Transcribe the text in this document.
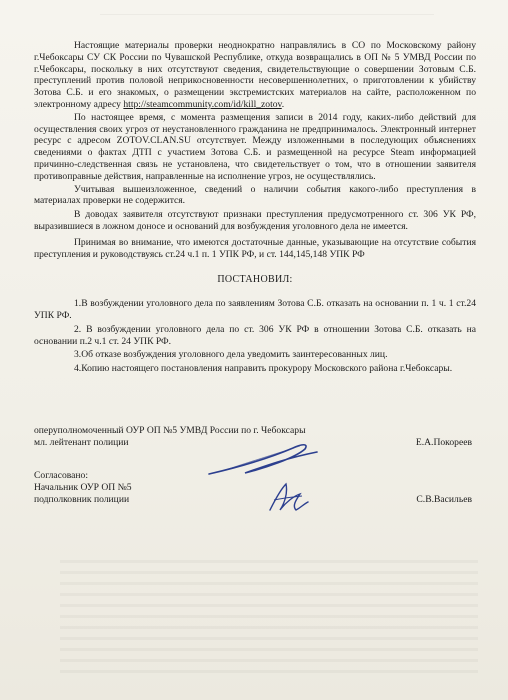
Настоящие материалы проверки неоднократно направлялись в СО по Московскому району г.Чебоксары СУ СК России по Чувашской Республике, откуда возвращались в ОП № 5 УМВД России по г.Чебоксары, поскольку в них отсутствуют сведения, свидетельствующие о совершении Зотовым С.Б. преступлений против половой неприкосновенности несовершеннолетних, о приготовлении к убийству Зотова С.Б. и его знакомых, о размещении экстремистских материалов на сайте, расположенном по электронному адресу http://steamcommunity.com/id/kill_zotov.

По настоящее время, с момента размещения записи в 2014 году, каких-либо действий для осуществления своих угроз от неустановленного гражданина не предпринималось. Электронный интернет ресурс с адресом ZOTOV.CLAN.SU отсутствует. Между изложенными в последующих объяснениях сведениями о фактах ДТП с участием Зотова С.Б. и размещенной на ресурсе Steam информацией причинно-следственная связь не установлена, что свидетельствует о том, что в отношении заявителя противоправные действия, направленные на исполнение угроз, не осуществлялись.

Учитывая вышеизложенное, сведений о наличии события какого-либо преступления в материалах проверки не содержится.

В доводах заявителя отсутствуют признаки преступления предусмотренного ст. 306 УК РФ, выразившиеся в ложном доносе и оснований для возбуждения уголовного дела не имеется.

Принимая во внимание, что имеются достаточные данные, указывающие на отсутствие события преступления и руководствуясь ст.24 ч.1 п. 1 УПК РФ, и ст. 144,145,148 УПК РФ

ПОСТАНОВИЛ:

1.В возбуждении уголовного дела по заявлениям Зотова С.Б. отказать на основании п. 1 ч. 1 ст.24 УПК РФ.

2. В возбуждении уголовного дела по ст. 306 УК РФ в отношении Зотова С.Б. отказать на основании п.2 ч.1 ст. 24 УПК РФ.

3.Об отказе возбуждения уголовного дела уведомить заинтересованных лиц.

4.Копию настоящего постановления направить прокурору Московского района г.Чебоксары.

оперуполномоченный ОУР ОП №5 УМВД России по г. Чебоксары
мл. лейтенант полиции	Е.А.Покореев
Согласовано:
Начальник ОУР ОП №5
подполковник полиции	С.В.Васильев
